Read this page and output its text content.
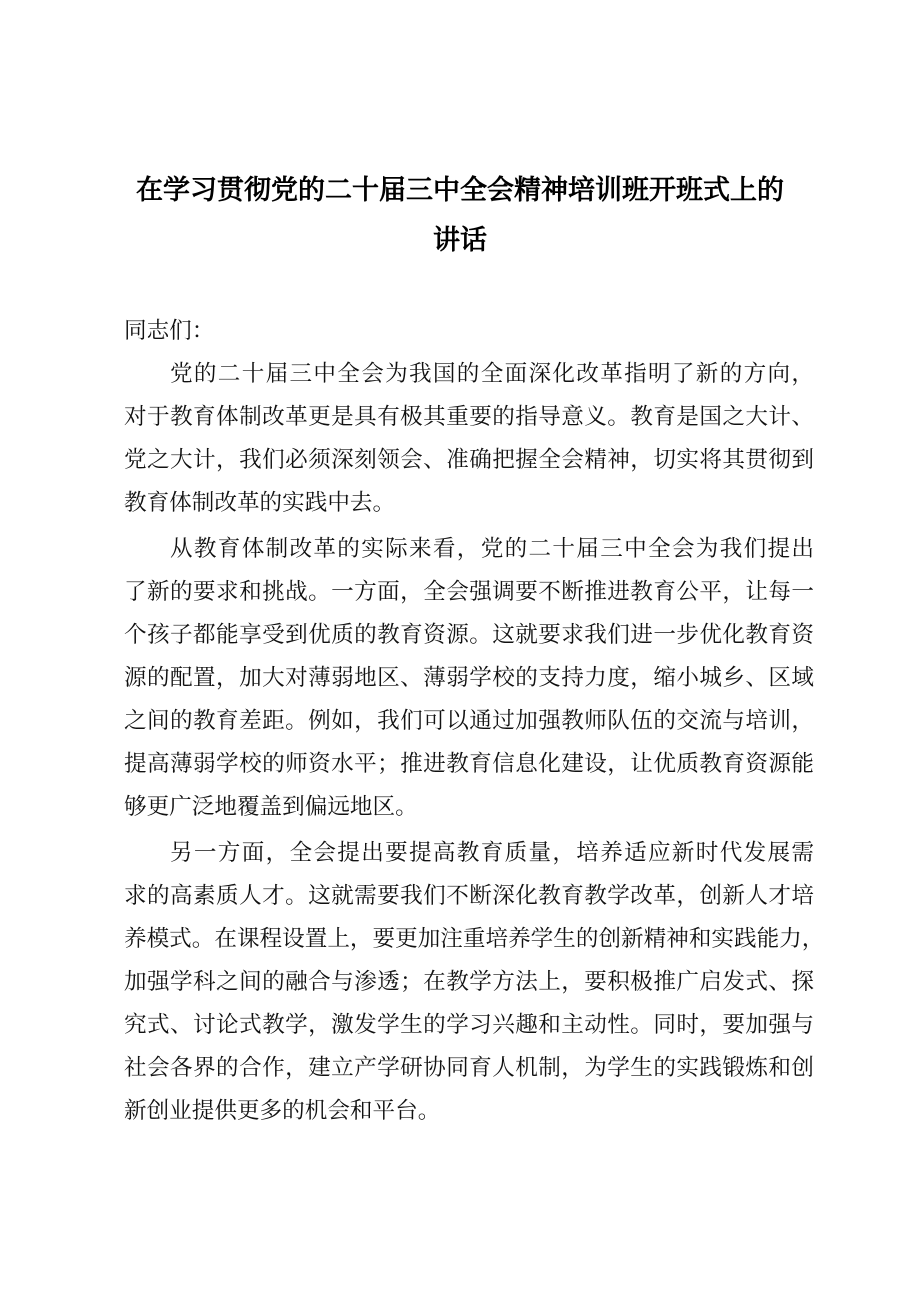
在学习贯彻党的二十届三中全会精神培训班开班式上的
讲话
同志们：
党的二十届三中全会为我国的全面深化改革指明了新的方向，
对于教育体制改革更是具有极其重要的指导意义。教育是国之大计、
党之大计，我们必须深刻领会、准确把握全会精神，切实将其贯彻到
教育体制改革的实践中去。
从教育体制改革的实际来看，党的二十届三中全会为我们提出
了新的要求和挑战。一方面，全会强调要不断推进教育公平，让每一
个孩子都能享受到优质的教育资源。这就要求我们进一步优化教育资
源的配置，加大对薄弱地区、薄弱学校的支持力度，缩小城乡、区域
之间的教育差距。例如，我们可以通过加强教师队伍的交流与培训，
提高薄弱学校的师资水平；推进教育信息化建设，让优质教育资源能
够更广泛地覆盖到偏远地区。
另一方面，全会提出要提高教育质量，培养适应新时代发展需
求的高素质人才。这就需要我们不断深化教育教学改革，创新人才培
养模式。在课程设置上，要更加注重培养学生的创新精神和实践能力，
加强学科之间的融合与渗透；在教学方法上，要积极推广启发式、探
究式、讨论式教学，激发学生的学习兴趣和主动性。同时，要加强与
社会各界的合作，建立产学研协同育人机制，为学生的实践锻炼和创
新创业提供更多的机会和平台。
